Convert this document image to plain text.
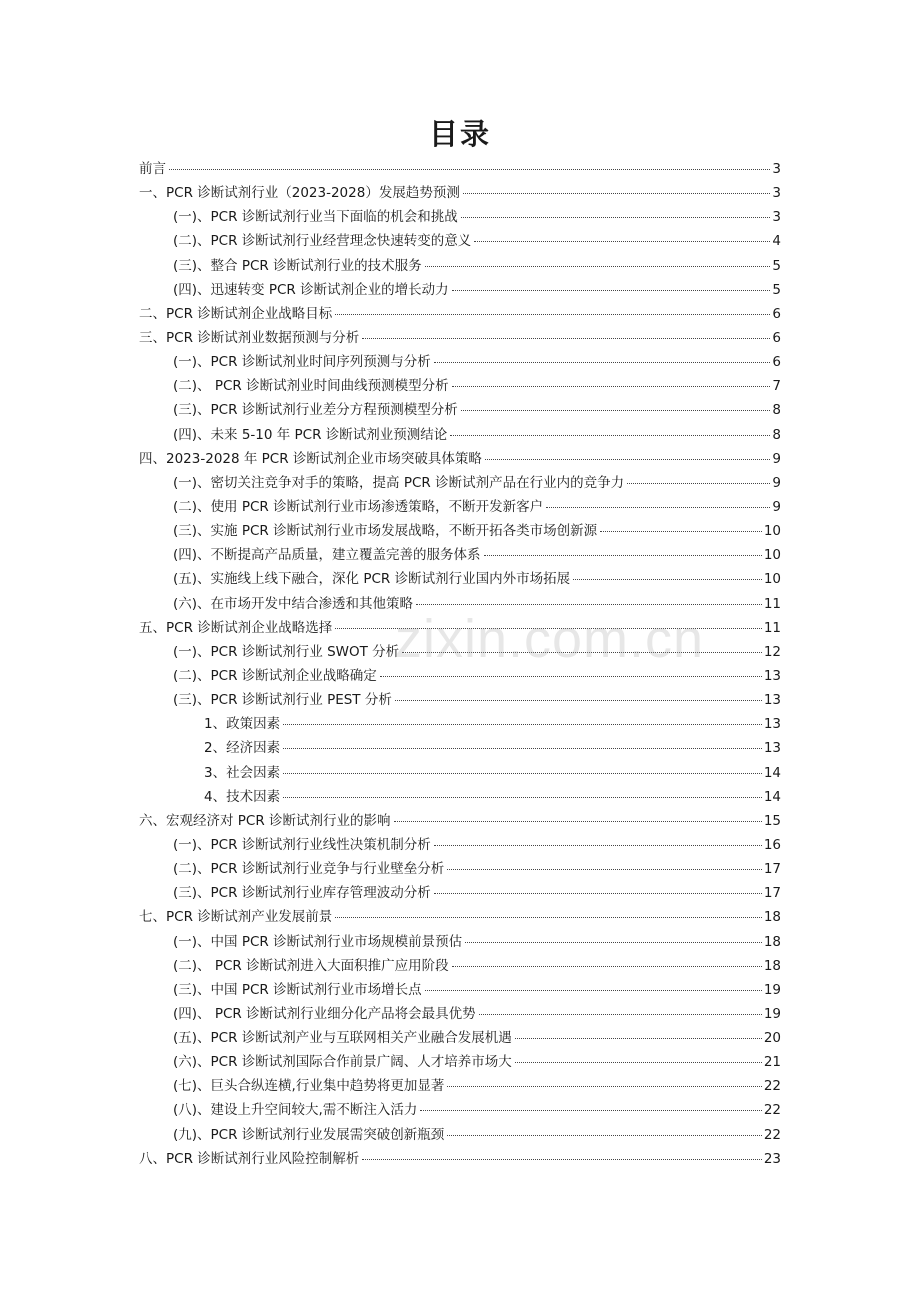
目录
前言	3
一、PCR 诊断试剂行业（2023-2028）发展趋势预测	3
(一)、PCR 诊断试剂行业当下面临的机会和挑战	3
(二)、PCR 诊断试剂行业经营理念快速转变的意义	4
(三)、整合 PCR 诊断试剂行业的技术服务	5
(四)、迅速转变 PCR 诊断试剂企业的增长动力	5
二、PCR 诊断试剂企业战略目标	6
三、PCR 诊断试剂业数据预测与分析	6
(一)、PCR 诊断试剂业时间序列预测与分析	6
(二)、 PCR 诊断试剂业时间曲线预测模型分析	7
(三)、PCR 诊断试剂行业差分方程预测模型分析	8
(四)、未来 5-10 年 PCR 诊断试剂业预测结论	8
四、2023-2028 年 PCR 诊断试剂企业市场突破具体策略	9
(一)、密切关注竞争对手的策略，提高 PCR 诊断试剂产品在行业内的竞争力	9
(二)、使用 PCR 诊断试剂行业市场渗透策略，不断开发新客户	9
(三)、实施 PCR 诊断试剂行业市场发展战略，不断开拓各类市场创新源	10
(四)、不断提高产品质量，建立覆盖完善的服务体系	10
(五)、实施线上线下融合，深化 PCR 诊断试剂行业国内外市场拓展	10
(六)、在市场开发中结合渗透和其他策略	11
五、PCR 诊断试剂企业战略选择	11
(一)、PCR 诊断试剂行业 SWOT 分析	12
(二)、PCR 诊断试剂企业战略确定	13
(三)、PCR 诊断试剂行业 PEST 分析	13
1、政策因素	13
2、经济因素	13
3、社会因素	14
4、技术因素	14
六、宏观经济对 PCR 诊断试剂行业的影响	15
(一)、PCR 诊断试剂行业线性决策机制分析	16
(二)、PCR 诊断试剂行业竞争与行业壁垒分析	17
(三)、PCR 诊断试剂行业库存管理波动分析	17
七、PCR 诊断试剂产业发展前景	18
(一)、中国 PCR 诊断试剂行业市场规模前景预估	18
(二)、 PCR 诊断试剂进入大面积推广应用阶段	18
(三)、中国 PCR 诊断试剂行业市场增长点	19
(四)、 PCR 诊断试剂行业细分化产品将会最具优势	19
(五)、PCR 诊断试剂产业与互联网相关产业融合发展机遇	20
(六)、PCR 诊断试剂国际合作前景广阔、人才培养市场大	21
(七)、巨头合纵连横,行业集中趋势将更加显著	22
(八)、建设上升空间较大,需不断注入活力	22
(九)、PCR 诊断试剂行业发展需突破创新瓶颈	22
八、PCR 诊断试剂行业风险控制解析	23
zixin.com.cn
